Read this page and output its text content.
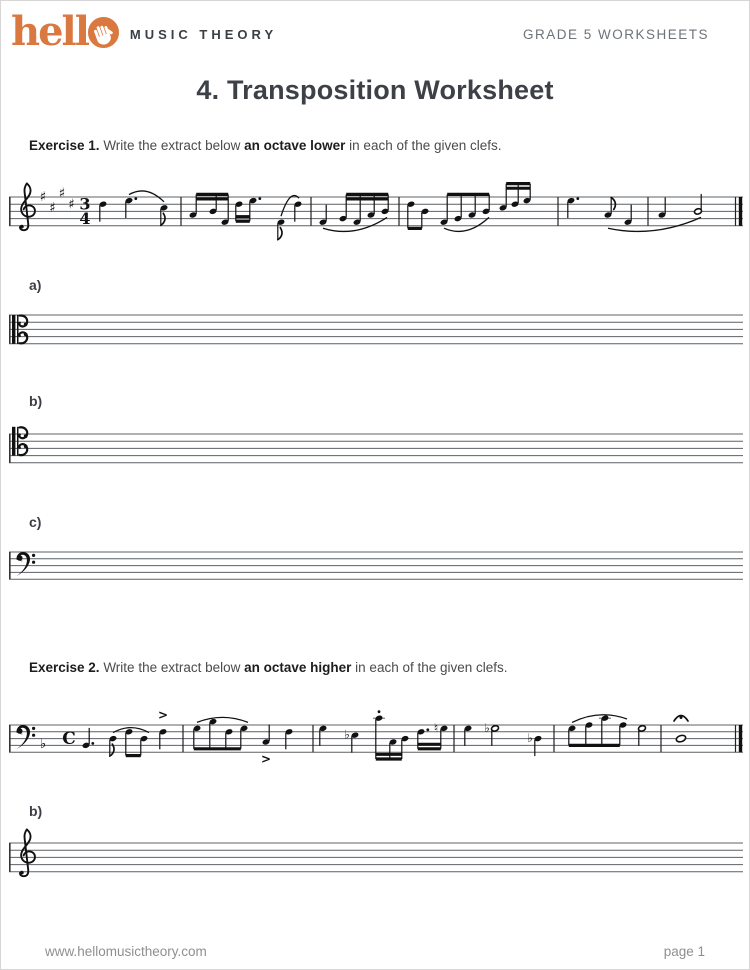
hell	MUSIC THEORY	GRADE 5 WORKSHEETS
4. Transposition Worksheet

Exercise 1. Write the extract below an octave lower in each of the given clefs.

♯
♯
♯
♯ 3
4
a)
b)
c)

Exercise 2. Write the extract below an octave higher in each of the given clefs.

♭ C
>
>
♭	♮	♭
♭
b)
www.hellomusictheory.com	page 1
